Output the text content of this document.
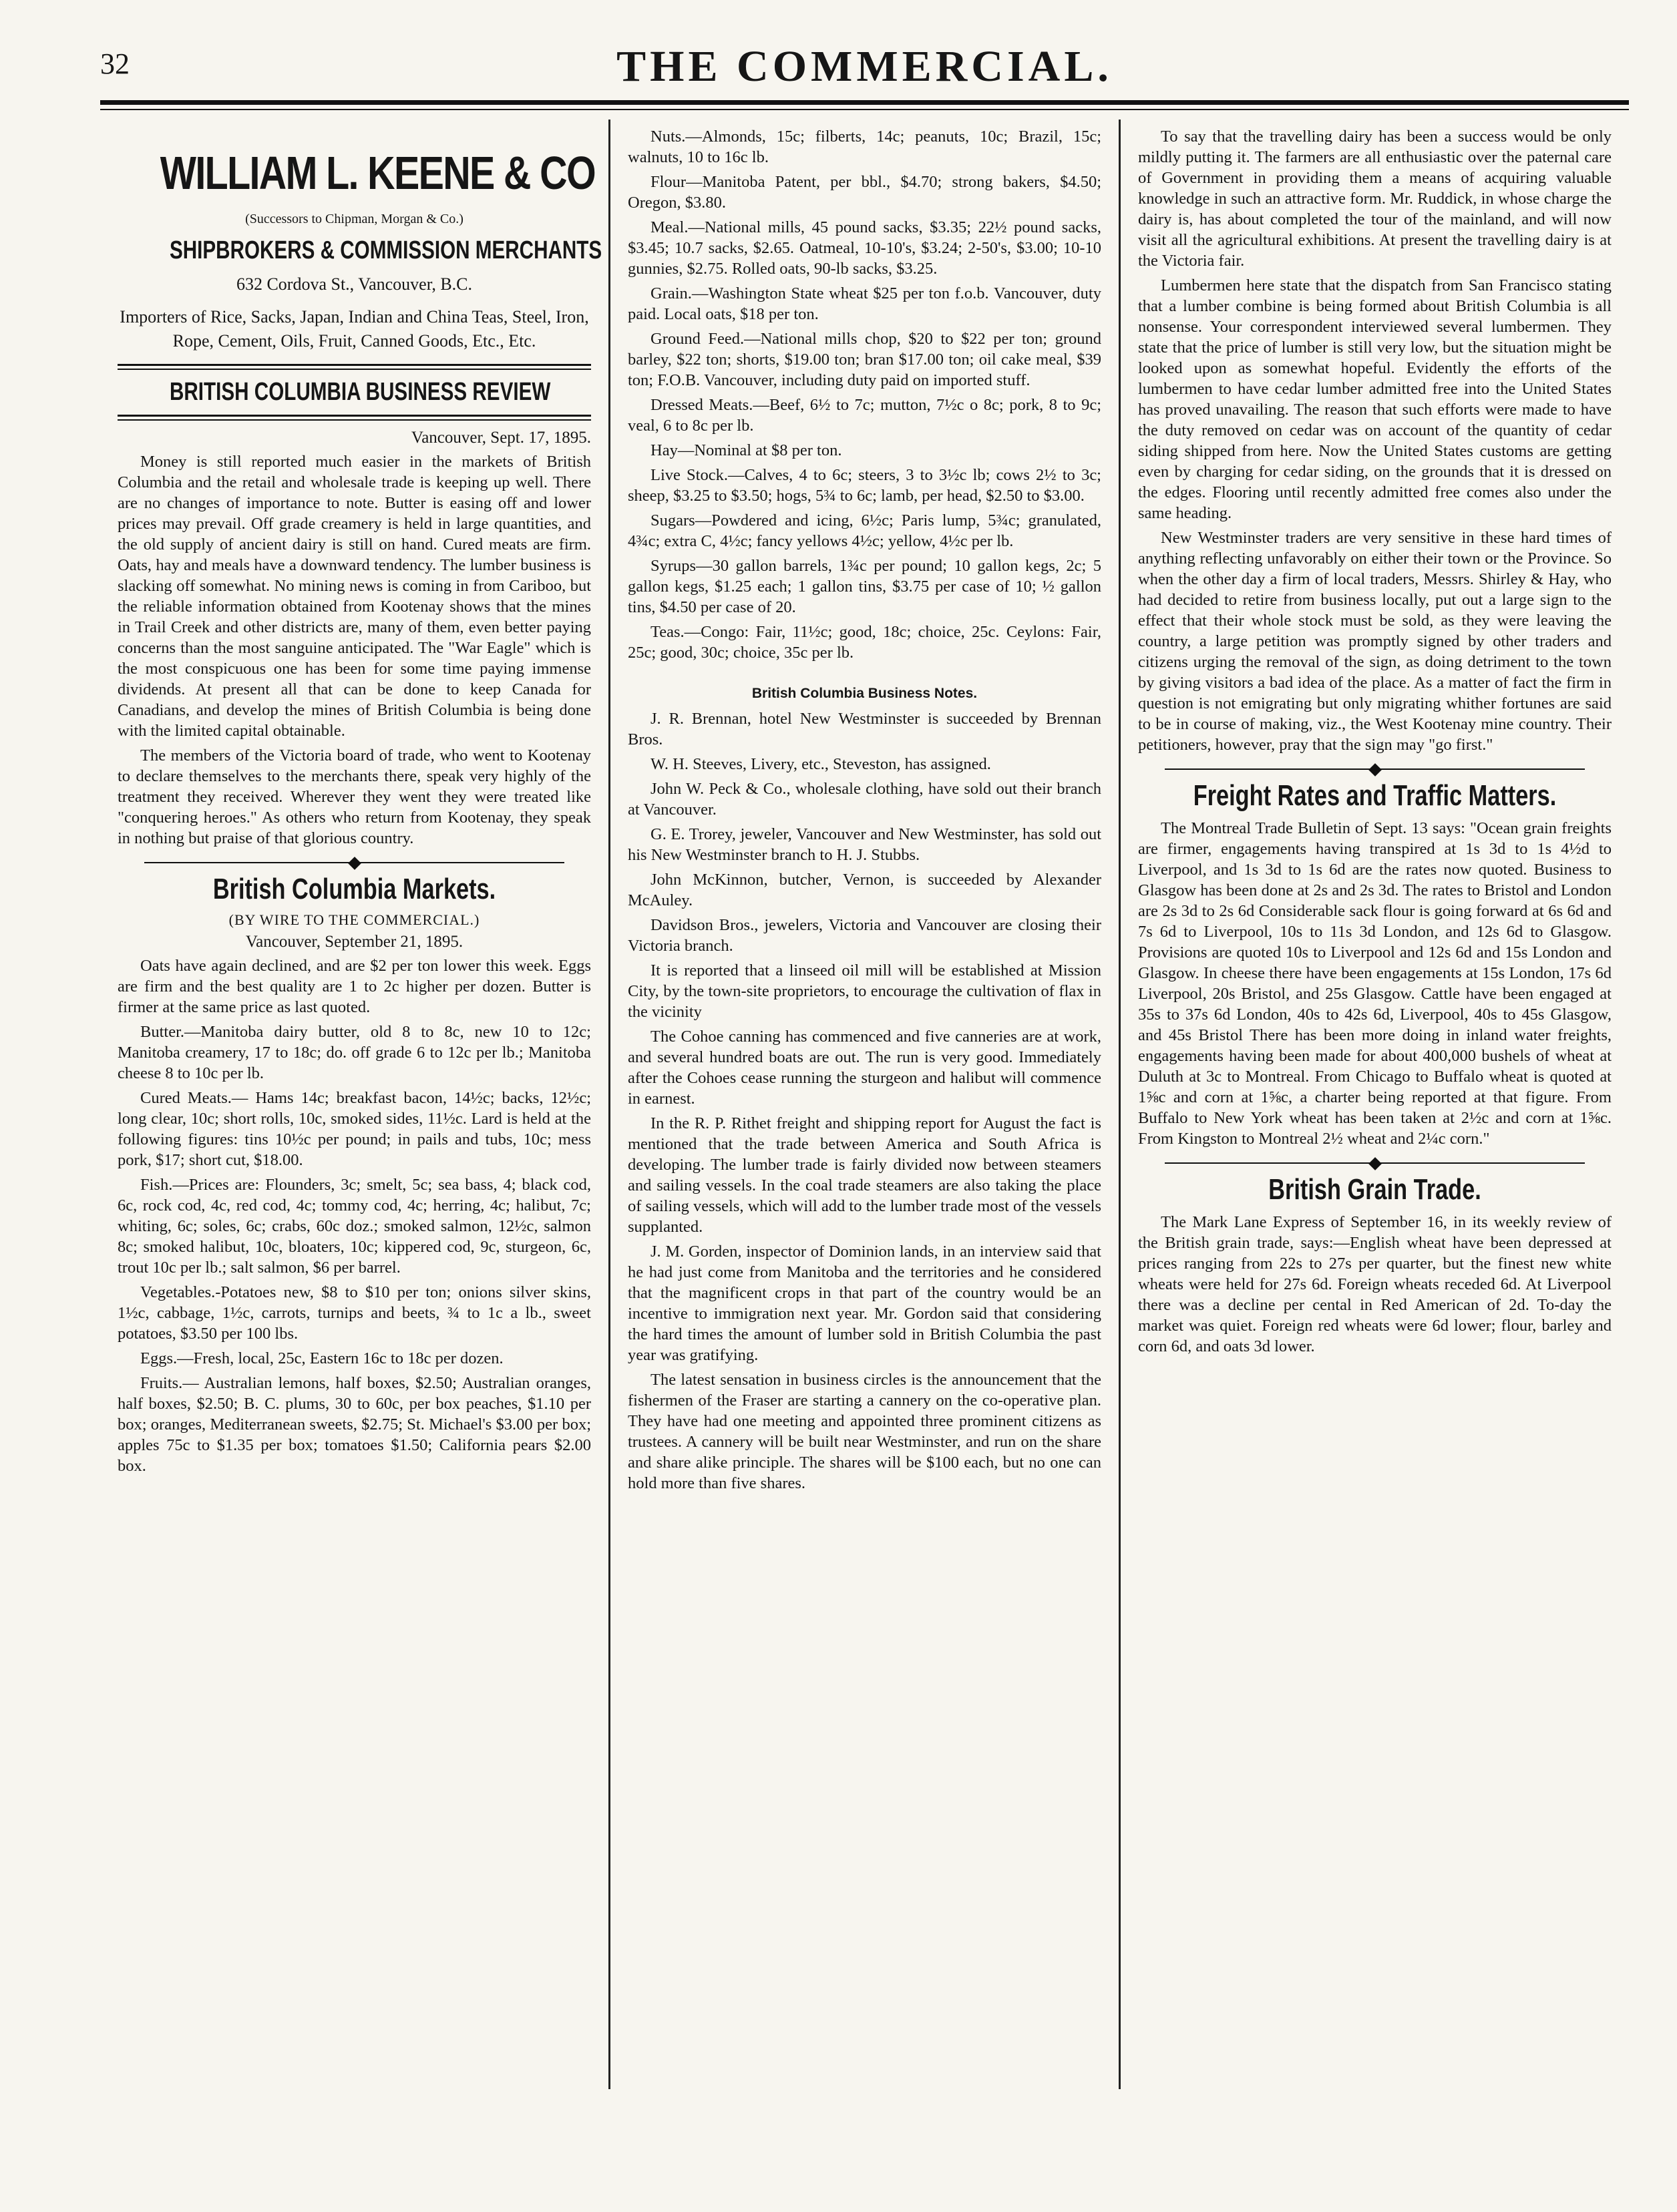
32	THE COMMERCIAL.
WILLIAM L. KEENE & CO
(Successors to Chipman, Morgan & Co.)
SHIPBROKERS & COMMISSION MERCHANTS
632 Cordova St., Vancouver, B.C.
Importers of Rice, Sacks, Japan, Indian and China Teas, Steel, Iron, Rope, Cement, Oils, Fruit, Canned Goods, Etc., Etc.
BRITISH COLUMBIA BUSINESS REVIEW
Vancouver, Sept. 17, 1895.

Money is still reported much easier in the markets of British Columbia and the retail and wholesale trade is keeping up well. There are no changes of importance to note. Butter is easing off and lower prices may prevail. Off grade creamery is held in large quantities, and the old supply of ancient dairy is still on hand. Cured meats are firm. Oats, hay and meals have a downward tendency. The lumber business is slacking off somewhat. No mining news is coming in from Cariboo, but the reliable information obtained from Kootenay shows that the mines in Trail Creek and other districts are, many of them, even better paying concerns than the most sanguine anticipated. The "War Eagle" which is the most conspicuous one has been for some time paying immense dividends. At present all that can be done to keep Canada for Canadians, and develop the mines of British Columbia is being done with the limited capital obtainable.

The members of the Victoria board of trade, who went to Kootenay to declare themselves to the merchants there, speak very highly of the treatment they received. Wherever they went they were treated like "conquering heroes." As others who return from Kootenay, they speak in nothing but praise of that glorious country.

British Columbia Markets.
(BY WIRE TO THE COMMERCIAL.)
Vancouver, September 21, 1895.

Oats have again declined, and are $2 per ton lower this week. Eggs are firm and the best quality are 1 to 2c higher per dozen. Butter is firmer at the same price as last quoted.

Butter.—Manitoba dairy butter, old 8 to 8c, new 10 to 12c; Manitoba creamery, 17 to 18c; do. off grade 6 to 12c per lb.; Manitoba cheese 8 to 10c per lb.

Cured Meats.— Hams 14c; breakfast bacon, 14½c; backs, 12½c; long clear, 10c; short rolls, 10c, smoked sides, 11½c. Lard is held at the following figures: tins 10½c per pound; in pails and tubs, 10c; mess pork, $17; short cut, $18.00.

Fish.—Prices are: Flounders, 3c; smelt, 5c; sea bass, 4; black cod, 6c, rock cod, 4c, red cod, 4c; tommy cod, 4c; herring, 4c; halibut, 7c; whiting, 6c; soles, 6c; crabs, 60c doz.; smoked salmon, 12½c, salmon 8c; smoked halibut, 10c, bloaters, 10c; kippered cod, 9c, sturgeon, 6c, trout 10c per lb.; salt salmon, $6 per barrel.

Vegetables.-Potatoes new, $8 to $10 per ton; onions silver skins, 1½c, cabbage, 1½c, carrots, turnips and beets, ¾ to 1c a lb., sweet potatoes, $3.50 per 100 lbs.

Eggs.—Fresh, local, 25c, Eastern 16c to 18c per dozen.

Fruits.— Australian lemons, half boxes, $2.50; Australian oranges, half boxes, $2.50; B. C. plums, 30 to 60c, per box peaches, $1.10 per box; oranges, Mediterranean sweets, $2.75; St. Michael's $3.00 per box; apples 75c to $1.35 per box; tomatoes $1.50; California pears $2.00 box.

Nuts.—Almonds, 15c; filberts, 14c; peanuts, 10c; Brazil, 15c; walnuts, 10 to 16c lb.

Flour—Manitoba Patent, per bbl., $4.70; strong bakers, $4.50; Oregon, $3.80.

Meal.—National mills, 45 pound sacks, $3.35; 22½ pound sacks, $3.45; 10.7 sacks, $2.65. Oatmeal, 10-10's, $3.24; 2-50's, $3.00; 10-10 gunnies, $2.75. Rolled oats, 90-lb sacks, $3.25.

Grain.—Washington State wheat $25 per ton f.o.b. Vancouver, duty paid. Local oats, $18 per ton.

Ground Feed.—National mills chop, $20 to $22 per ton; ground barley, $22 ton; shorts, $19.00 ton; bran $17.00 ton; oil cake meal, $39 ton; F.O.B. Vancouver, including duty paid on imported stuff.

Dressed Meats.—Beef, 6½ to 7c; mutton, 7½c o 8c; pork, 8 to 9c; veal, 6 to 8c per lb.

Hay—Nominal at $8 per ton.

Live Stock.—Calves, 4 to 6c; steers, 3 to 3½c lb; cows 2½ to 3c; sheep, $3.25 to $3.50; hogs, 5¾ to 6c; lamb, per head, $2.50 to $3.00.

Sugars—Powdered and icing, 6½c; Paris lump, 5¾c; granulated, 4¾c; extra C, 4½c; fancy yellows 4½c; yellow, 4½c per lb.

Syrups—30 gallon barrels, 1¾c per pound; 10 gallon kegs, 2c; 5 gallon kegs, $1.25 each; 1 gallon tins, $3.75 per case of 10; ½ gallon tins, $4.50 per case of 20.

Teas.—Congo: Fair, 11½c; good, 18c; choice, 25c. Ceylons: Fair, 25c; good, 30c; choice, 35c per lb.

British Columbia Business Notes.

J. R. Brennan, hotel New Westminster is succeeded by Brennan Bros.

W. H. Steeves, Livery, etc., Steveston, has assigned.

John W. Peck & Co., wholesale clothing, have sold out their branch at Vancouver.

G. E. Trorey, jeweler, Vancouver and New Westminster, has sold out his New Westminster branch to H. J. Stubbs.

John McKinnon, butcher, Vernon, is succeeded by Alexander McAuley.

Davidson Bros., jewelers, Victoria and Vancouver are closing their Victoria branch.

It is reported that a linseed oil mill will be established at Mission City, by the town-site proprietors, to encourage the cultivation of flax in the vicinity

The Cohoe canning has commenced and five canneries are at work, and several hundred boats are out. The run is very good. Immediately after the Cohoes cease running the sturgeon and halibut will commence in earnest.

In the R. P. Rithet freight and shipping report for August the fact is mentioned that the trade between America and South Africa is developing. The lumber trade is fairly divided now between steamers and sailing vessels. In the coal trade steamers are also taking the place of sailing vessels, which will add to the lumber trade most of the vessels supplanted.

J. M. Gorden, inspector of Dominion lands, in an interview said that he had just come from Manitoba and the territories and he considered that the magnificent crops in that part of the country would be an incentive to immigration next year. Mr. Gordon said that considering the hard times the amount of lumber sold in British Columbia the past year was gratifying.

The latest sensation in business circles is the announcement that the fishermen of the Fraser are starting a cannery on the co-operative plan. They have had one meeting and appointed three prominent citizens as trustees. A cannery will be built near Westminster, and run on the share and share alike principle. The shares will be $100 each, but no one can hold more than five shares.

To say that the travelling dairy has been a success would be only mildly putting it. The farmers are all enthusiastic over the paternal care of Government in providing them a means of acquiring valuable knowledge in such an attractive form. Mr. Ruddick, in whose charge the dairy is, has about completed the tour of the mainland, and will now visit all the agricultural exhibitions. At present the travelling dairy is at the Victoria fair.

Lumbermen here state that the dispatch from San Francisco stating that a lumber combine is being formed about British Columbia is all nonsense. Your correspondent interviewed several lumbermen. They state that the price of lumber is still very low, but the situation might be looked upon as somewhat hopeful. Evidently the efforts of the lumbermen to have cedar lumber admitted free into the United States has proved unavailing. The reason that such efforts were made to have the duty removed on cedar was on account of the quantity of cedar siding shipped from here. Now the United States customs are getting even by charging for cedar siding, on the grounds that it is dressed on the edges. Flooring until recently admitted free comes also under the same heading.

New Westminster traders are very sensitive in these hard times of anything reflecting unfavorably on either their town or the Province. So when the other day a firm of local traders, Messrs. Shirley & Hay, who had decided to retire from business locally, put out a large sign to the effect that their whole stock must be sold, as they were leaving the country, a large petition was promptly signed by other traders and citizens urging the removal of the sign, as doing detriment to the town by giving visitors a bad idea of the place. As a matter of fact the firm in question is not emigrating but only migrating whither fortunes are said to be in course of making, viz., the West Kootenay mine country. Their petitioners, however, pray that the sign may "go first."

Freight Rates and Traffic Matters.

The Montreal Trade Bulletin of Sept. 13 says: "Ocean grain freights are firmer, engagements having transpired at 1s 3d to 1s 4½d to Liverpool, and 1s 3d to 1s 6d are the rates now quoted. Business to Glasgow has been done at 2s and 2s 3d. The rates to Bristol and London are 2s 3d to 2s 6d Considerable sack flour is going forward at 6s 6d and 7s 6d to Liverpool, 10s to 11s 3d London, and 12s 6d to Glasgow. Provisions are quoted 10s to Liverpool and 12s 6d and 15s London and Glasgow. In cheese there have been engagements at 15s London, 17s 6d Liverpool, 20s Bristol, and 25s Glasgow. Cattle have been engaged at 35s to 37s 6d London, 40s to 42s 6d, Liverpool, 40s to 45s Glasgow, and 45s Bristol There has been more doing in inland water freights, engagements having been made for about 400,000 bushels of wheat at Duluth at 3c to Montreal. From Chicago to Buffalo wheat is quoted at 1⅝c and corn at 1⅝c, a charter being reported at that figure. From Buffalo to New York wheat has been taken at 2½c and corn at 1⅝c. From Kingston to Montreal 2½ wheat and 2¼c corn."

British Grain Trade.

The Mark Lane Express of September 16, in its weekly review of the British grain trade, says:—English wheat have been depressed at prices ranging from 22s to 27s per quarter, but the finest new white wheats were held for 27s 6d. Foreign wheats receded 6d. At Liverpool there was a decline per cental in Red American of 2d. To-day the market was quiet. Foreign red wheats were 6d lower; flour, barley and corn 6d, and oats 3d lower.
